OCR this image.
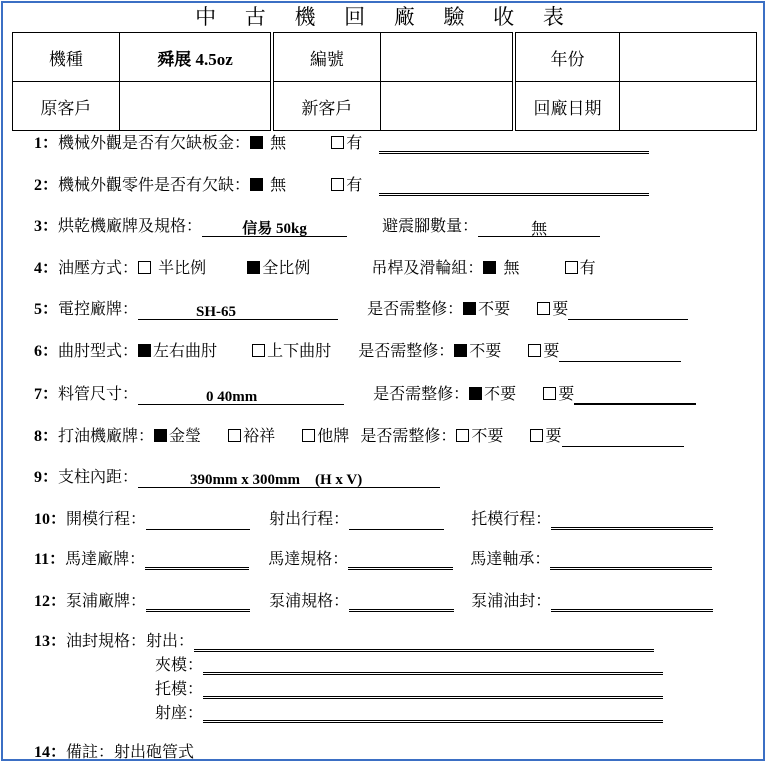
中 古 機 回 廠 驗 收 表
機種	舜展 4.5oz	編號		年份	
原客戶		新客戶		回廠日期	
1：機械外觀是否有欠缺板金： 無	有
2：機械外觀零件是否有欠缺： 無	有
3：烘乾機廠牌及規格：	信易 50kg	避震腳數量：	無
4：油壓方式： 半比例	全比例	吊桿及滑輪組： 無	有
5：電控廠牌：	SH-65	是否需整修： 不要	要
6：曲肘型式： 左右曲肘	上下曲肘 是否需整修： 不要	要
7：料管尺寸：	0 40mm	是否需整修： 不要	要
8：打油機廠牌： 金瑩	裕祥	他牌 是否需整修： 不要	要
9：支柱內距：	390mm x 300mm　(H x V)
10：開模行程：	射出行程：	托模行程：
11：馬達廠牌：	馬達規格：	馬達軸承：
12：泵浦廠牌：	泵浦規格：	泵浦油封：
13：油封規格：射出：
夾模：
托模：
射座：
14：備註：射出砲管式
